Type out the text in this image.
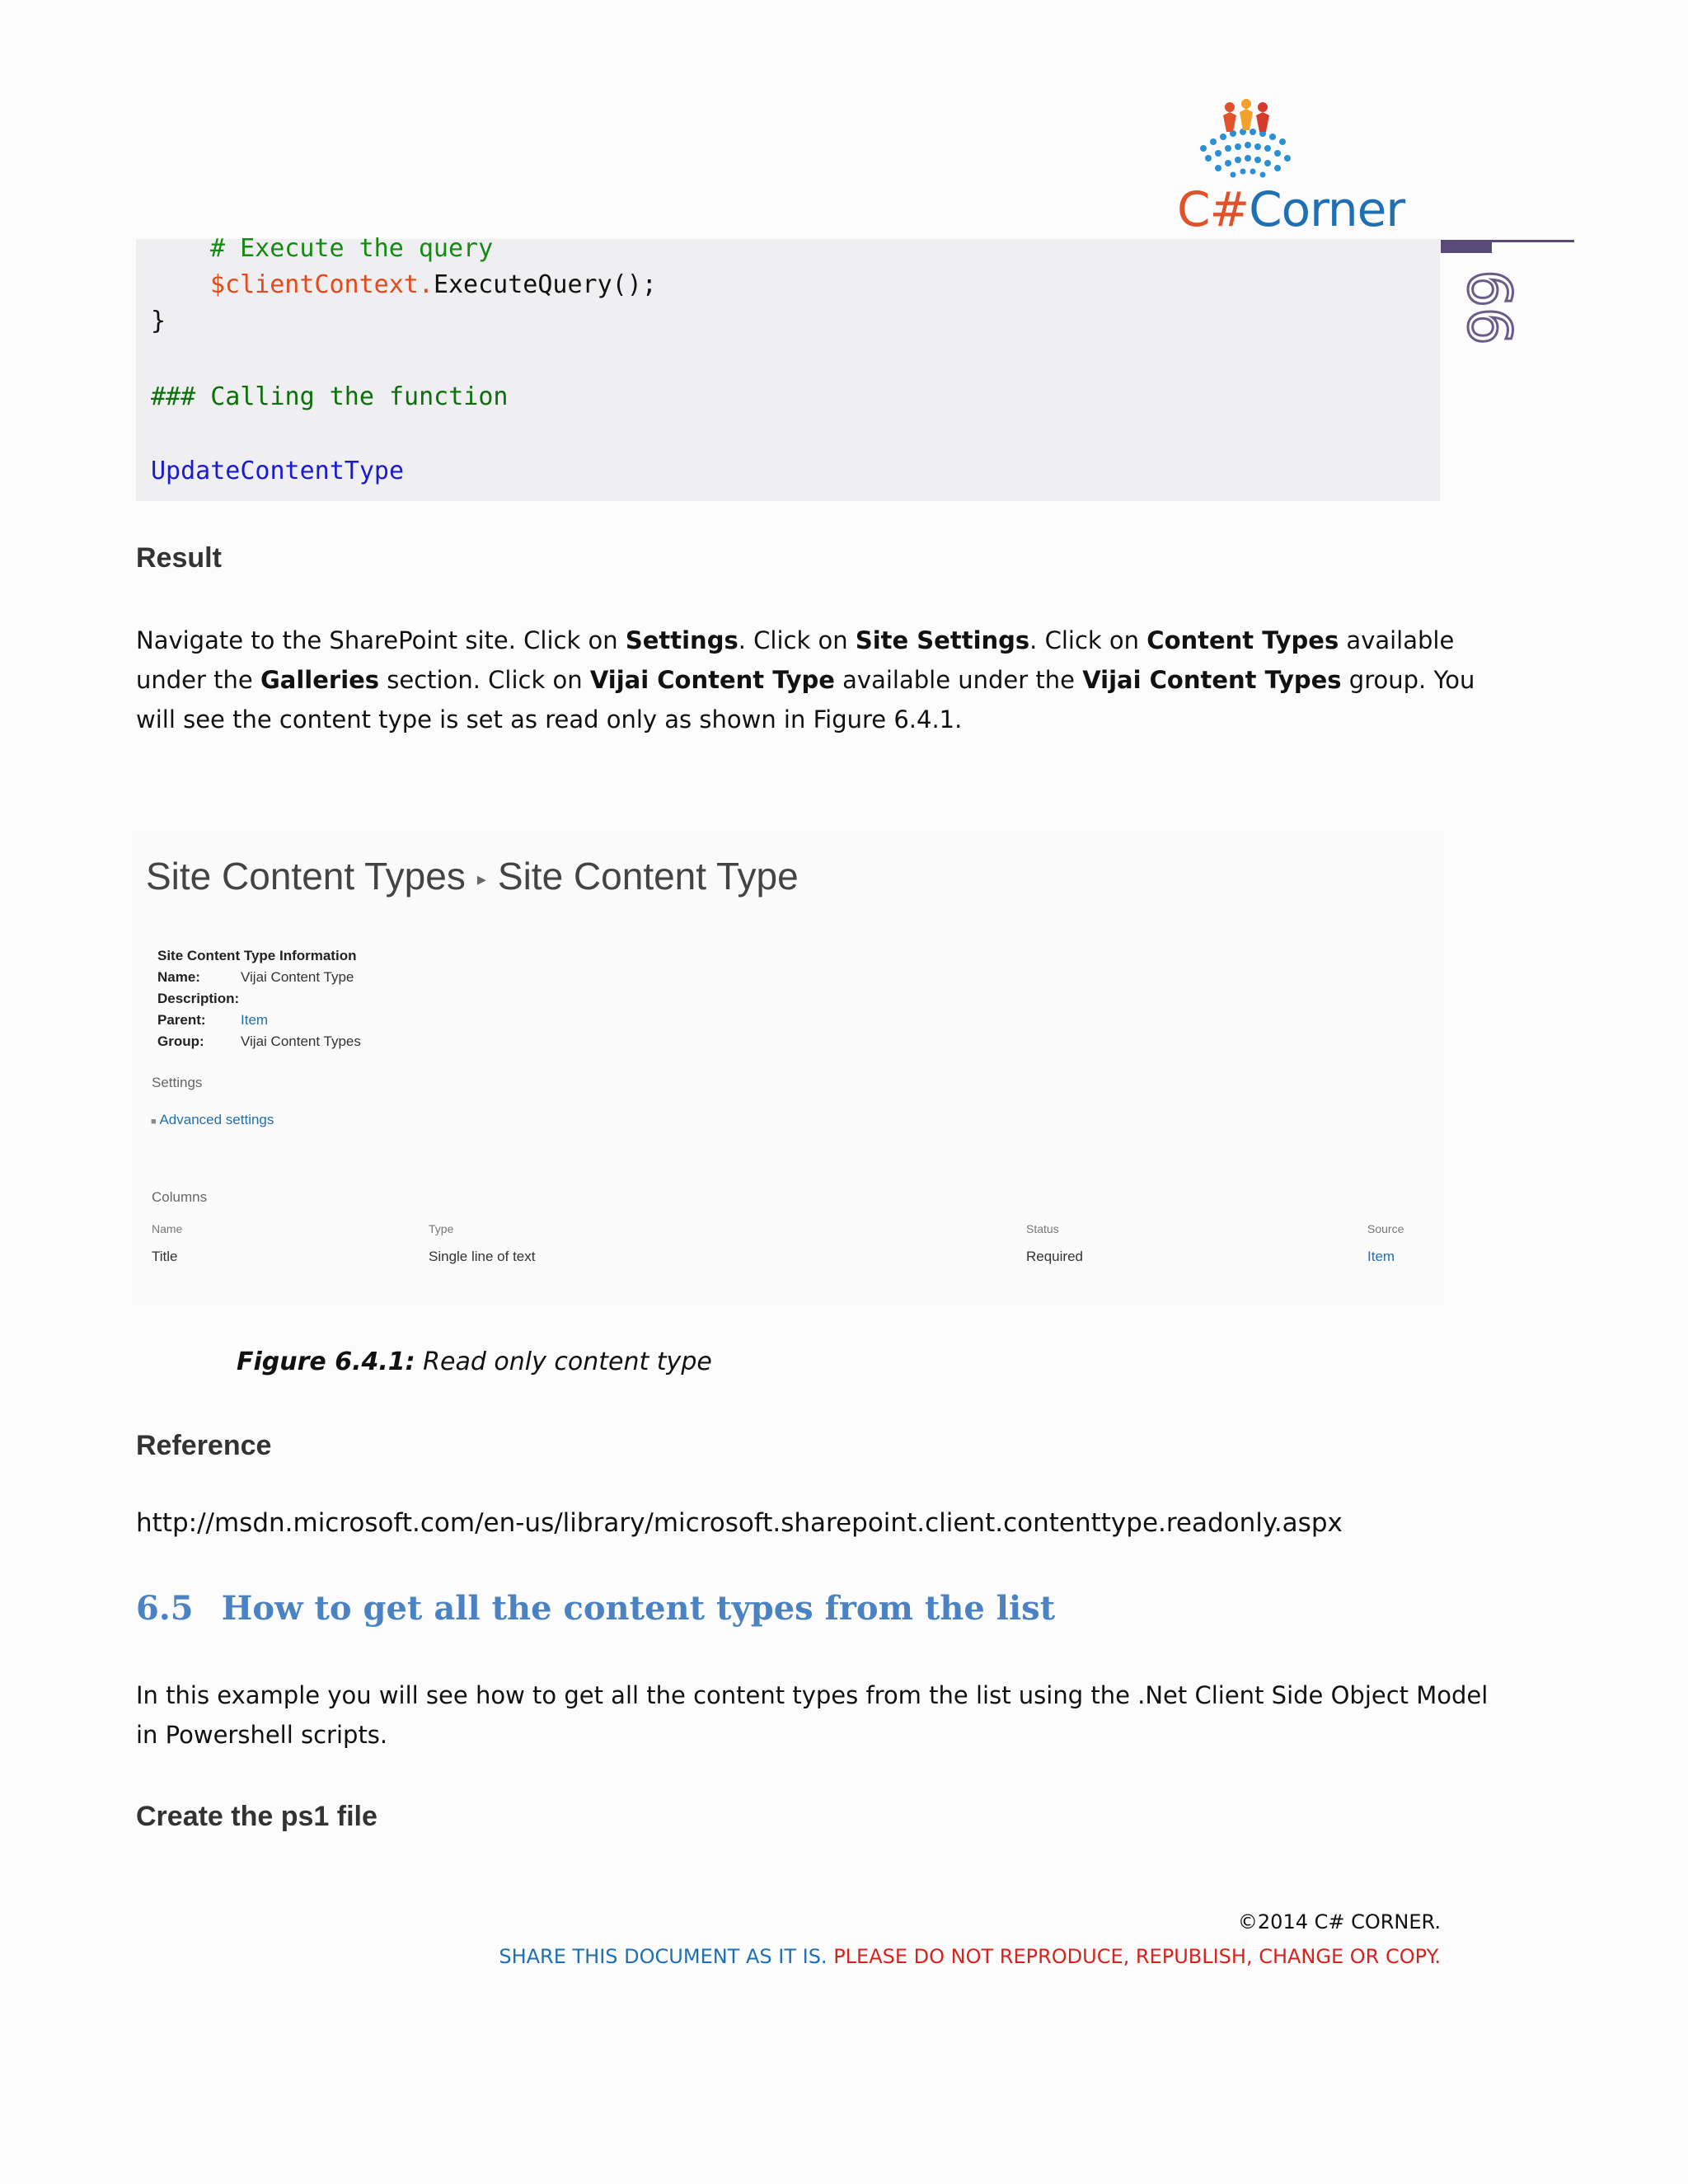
C#Corner
66
# Execute the query
$clientContext.ExecuteQuery();
}
### Calling the function
UpdateContentType
Result
Navigate to the SharePoint site. Click on Settings. Click on Site Settings. Click on Content Types available
under the Galleries section. Click on Vijai Content Type available under the Vijai Content Types group. You
will see the content type is set as read only as shown in Figure 6.4.1.
Site Content Types ▸ Site Content Type
Site Content Type Information
Name:	Vijai Content Type
Description:
Parent: Item
Group:	Vijai Content Types
Settings
■ Advanced settings
Columns
Name	Type	Status	Source
Title	Single line of text	Required	Item
Figure 6.4.1: Read only content type
Reference
http://msdn.microsoft.com/en-us/library/microsoft.sharepoint.client.contenttype.readonly.aspx
6.5 How to get all the content types from the list
In this example you will see how to get all the content types from the list using the .Net Client Side Object Model
in Powershell scripts.
Create the ps1 file
©2014 C# CORNER.
SHARE THIS DOCUMENT AS IT IS. PLEASE DO NOT REPRODUCE, REPUBLISH, CHANGE OR COPY.
